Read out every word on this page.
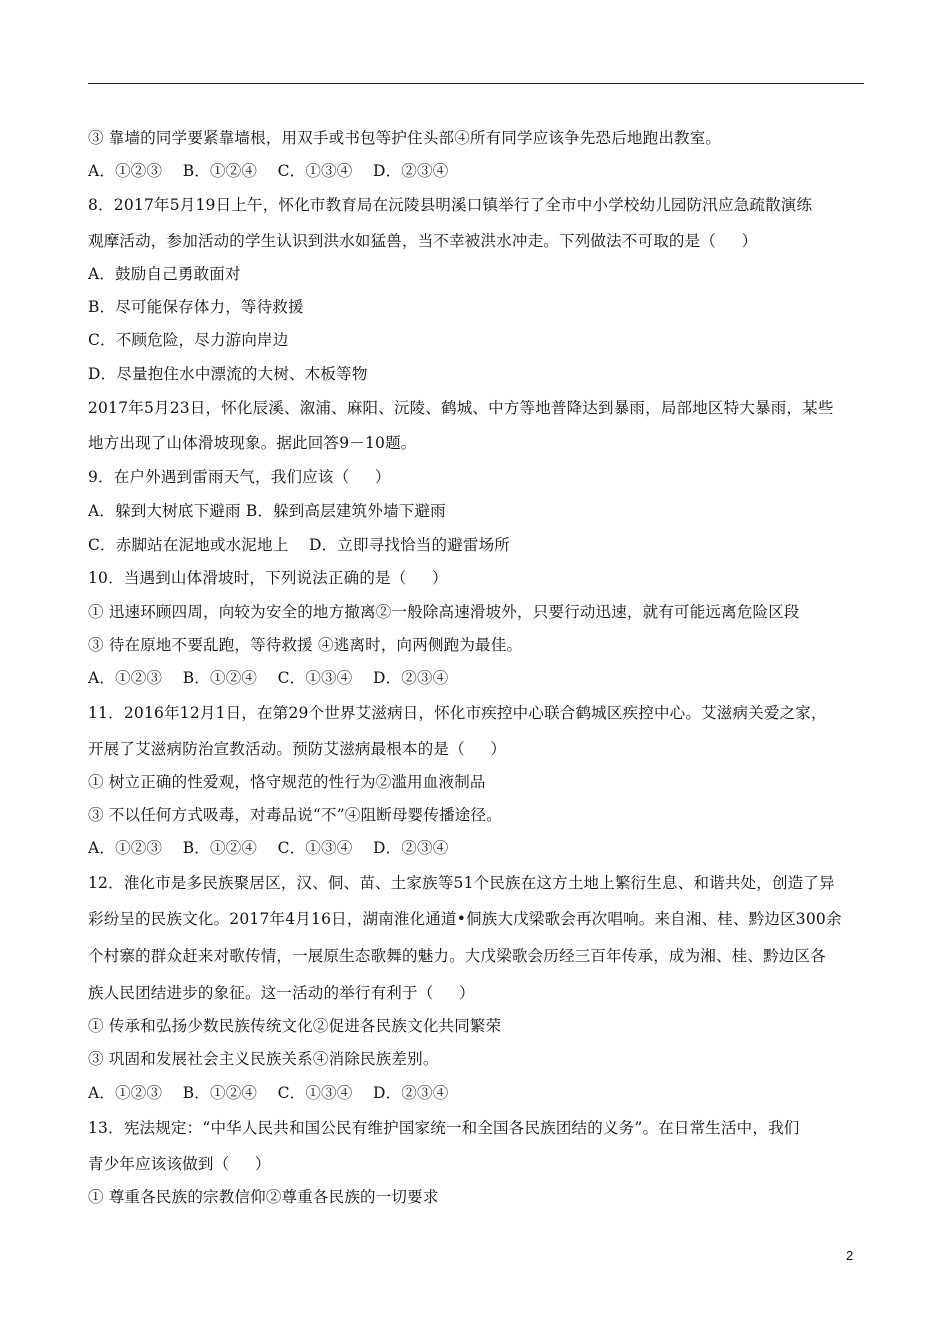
③ 靠墙的同学要紧靠墙根，用双手或书包等护住头部④所有同学应该争先恐后地跑出教室。
A．①②③    B．①②④    C．①③④    D．②③④
8．2017年5月19日上午，怀化市教育局在沅陵县明溪口镇举行了全市中小学校幼儿园防汛应急疏散演练
观摩活动，参加活动的学生认识到洪水如猛兽，当不幸被洪水冲走。下列做法不可取的是（     ）
A．鼓励自己勇敢面对
B．尽可能保存体力，等待救援
C．不顾危险，尽力游向岸边
D．尽量抱住水中漂流的大树、木板等物
2017年5月23日，怀化辰溪、溆浦、麻阳、沅陵、鹤城、中方等地普降达到暴雨，局部地区特大暴雨，某些
地方出现了山体滑坡现象。据此回答9－10题。
9．在户外遇到雷雨天气，我们应该（     ）
A．躲到大树底下避雨 B．躲到高层建筑外墙下避雨
C．赤脚站在泥地或水泥地上    D．立即寻找恰当的避雷场所
10．当遇到山体滑坡时，下列说法正确的是（     ）
① 迅速环顾四周，向较为安全的地方撤离②一般除高速滑坡外，只要行动迅速，就有可能远离危险区段
③ 待在原地不要乱跑，等待救援 ④逃离时，向两侧跑为最佳。
A．①②③    B．①②④    C．①③④    D．②③④
11．2016年12月1日，在第29个世界艾滋病日，怀化市疾控中心联合鹤城区疾控中心。艾滋病关爱之家，
开展了艾滋病防治宣教活动。预防艾滋病最根本的是（     ）
① 树立正确的性爱观，恪守规范的性行为②滥用血液制品
③ 不以任何方式吸毒，对毒品说“不”④阻断母婴传播途径。
A．①②③    B．①②④    C．①③④    D．②③④
12．淮化市是多民族聚居区，汉、侗、苗、土家族等51个民族在这方土地上繁衍生息、和谐共处，创造了异
彩纷呈的民族文化。2017年4月16日，湖南淮化通道•侗族大戊梁歌会再次唱响。来自湘、桂、黔边区300余
个村寨的群众赶来对歌传情，一展原生态歌舞的魅力。大戊梁歌会历经三百年传承，成为湘、桂、黔边区各
族人民团结进步的象征。这一活动的举行有利于（     ）
① 传承和弘扬少数民族传统文化②促进各民族文化共同繁荣
③ 巩固和发展社会主义民族关系④消除民族差别。
A．①②③    B．①②④    C．①③④    D．②③④
13．宪法规定：“中华人民共和国公民有维护国家统一和全国各民族团结的义务”。在日常生活中，我们
青少年应该该做到（     ）
① 尊重各民族的宗教信仰②尊重各民族的一切要求
2
